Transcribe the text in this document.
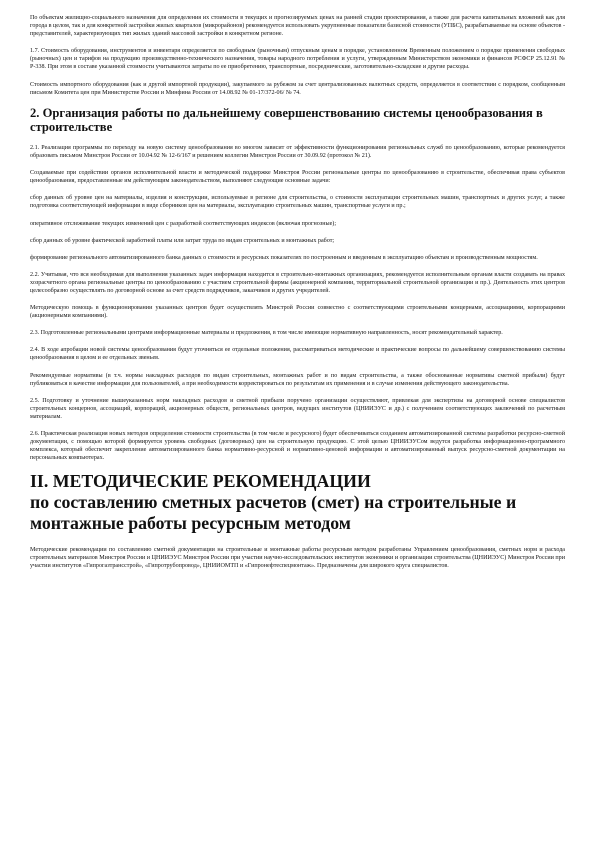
По объектам жилищно-социального назначения для определения их стоимости в текущих и прогнозируемых ценах на ранней стадии проектирования, а также для расчета капитальных вложений как для города в целом, так и для конкретной застройки жилых кварталов (микрорайонов) рекомендуется использовать укрупненные показатели базисной стоимости (УПБС), разрабатываемые на основе объектов - представителей, характеризующих тип жилых зданий массовой застройки в конкретном регионе.

1.7. Стоимость оборудования, инструментов и инвентаря определяется по свободным (рыночным) отпускным ценам в порядке, установленном Временным положением о порядке применения свободных (рыночных) цен и тарифов на продукцию производственно-технического назначения, товары народного потребления и услуги, утвержденным Министерством экономики и финансов РСФСР 25.12.91 № Р-338. При этом в составе указанной стоимости учитываются затраты по ее приобретению, транспортные, посреднические, заготовительно-складские и другие расходы.

Стоимость импортного оборудования (как и другой импортной продукции), закупаемого за рубежом за счет централизованных валютных средств, определяется в соответствии с порядком, сообщенным письмом Комитета цен при Министерстве России и Минфина России от 14.08.92 № 01-17/372-06/ № 74.

2. Организация работы по дальнейшему совершенствованию системы ценообразования в строительстве

2.1. Реализация программы по переходу на новую систему ценообразования во многом зависит от эффективности функционирования региональных служб по ценообразованию, которые рекомендуется образовать письмом Минстроя России от 10.04.92 № 12-6/167 и решением коллегии Минстроя России от 30.09.92 (протокол № 21).

Создаваемые при содействии органов исполнительной власти и методической поддержке Минстроя России региональные центры по ценообразованию в строительстве, обеспечивая права субъектов ценообразования, предоставленные им действующим законодательством, выполняют следующие основные задачи:

сбор данных об уровне цен на материалы, изделия и конструкции, используемые в регионе для строительства, о стоимости эксплуатации строительных машин, транспортных и других услуг, а также подготовка соответствующей информации в виде сборников цен на материалы, эксплуатацию строительных машин, транспортные услуги и пр.;

оперативное отслеживание текущих изменений цен с разработкой соответствующих индексов (включая прогнозные);

сбор данных об уровне фактической заработной платы или затрат труда по видам строительных и монтажных работ;

формирование регионального автоматизированного банка данных о стоимости и ресурсных показателях по построенным и введенным в эксплуатацию объектам и производственным мощностям.

2.2. Учитывая, что вся необходимая для выполнения указанных задач информация находится в строительно-монтажных организациях, рекомендуется исполнительным органам власти создавать на правах хозрасчетного органа региональные центры по ценообразованию с участием строительной фирмы (акционерной компании, территориальной строительной организации и пр.). Деятельность этих центров целесообразно осуществлять по договорной основе за счет средств подрядчиков, заказчиков и других учредителей.

Методическую помощь в функционировании указанных центров будет осуществлять Минстрой России совместно с соответствующими строительными концернами, ассоциациями, корпорациями (акционерными компаниями).

2.3. Подготовленные региональными центрами информационные материалы и предложения, в том числе имеющие нормативную направленность, носят рекомендательный характер.

2.4. В ходе апробации новой системы ценообразования будут уточняться ее отдельные положения, рассматриваться методические и практические вопросы по дальнейшему совершенствованию системы ценообразования в целом и ее отдельных звеньев.

Рекомендуемые нормативы (в т.ч. нормы накладных расходов по видам строительных, монтажных работ и по видам строительства, а также обоснованные нормативы сметной прибыли) будут публиковаться в качестве информации для пользователей, а при необходимости корректироваться по результатам их применения и в случае изменения действующего законодательства.

2.5. Подготовку и уточнение вышеуказанных норм накладных расходов и сметной прибыли поручено организации осуществляют, привлекая для экспертизы на договорной основе специалистов строительных концернов, ассоциаций, корпораций, акционерных обществ, региональных центров, ведущих институтов (ЦНИИЭУС и др.) с получением соответствующих заключений по расчетным материалам.

2.6. Практическая реализация новых методов определения стоимости строительства (в том числе и ресурсного) будет обеспечиваться созданием автоматизированной системы разработки ресурсно-сметной документации, с помощью которой формируется уровень свободных (договорных) цен на строительную продукцию. С этой целью ЦНИИЭУСом ведутся разработка информационно-программного комплекса, который обеспечит закрепление автоматизированного банка нормативно-ресурсной и нормативно-ценовой информации и автоматизированный выпуск ресурсно-сметной документации на персональных компьютерах.

II. МЕТОДИЧЕСКИЕ РЕКОМЕНДАЦИИ
по составлению сметных расчетов (смет) на строительные и
монтажные работы ресурсным методом

Методические рекомендации по составлению сметной документации на строительные и монтажные работы ресурсным методом разработаны Управлением ценообразования, сметных норм и расхода строительных материалов Минстроя России и ЦНИИЭУС Минстроя России при участии научно-исследовательских институтов экономики и организации строительства (ЦНИИЭУС) Минстроя России при участии институтов «Гипрогазтрансстрой», «Гипротрубопровод», ЦНИИОМТП и «Гипронефтеспецмонтаж». Предназначены для широкого круга специалистов.
